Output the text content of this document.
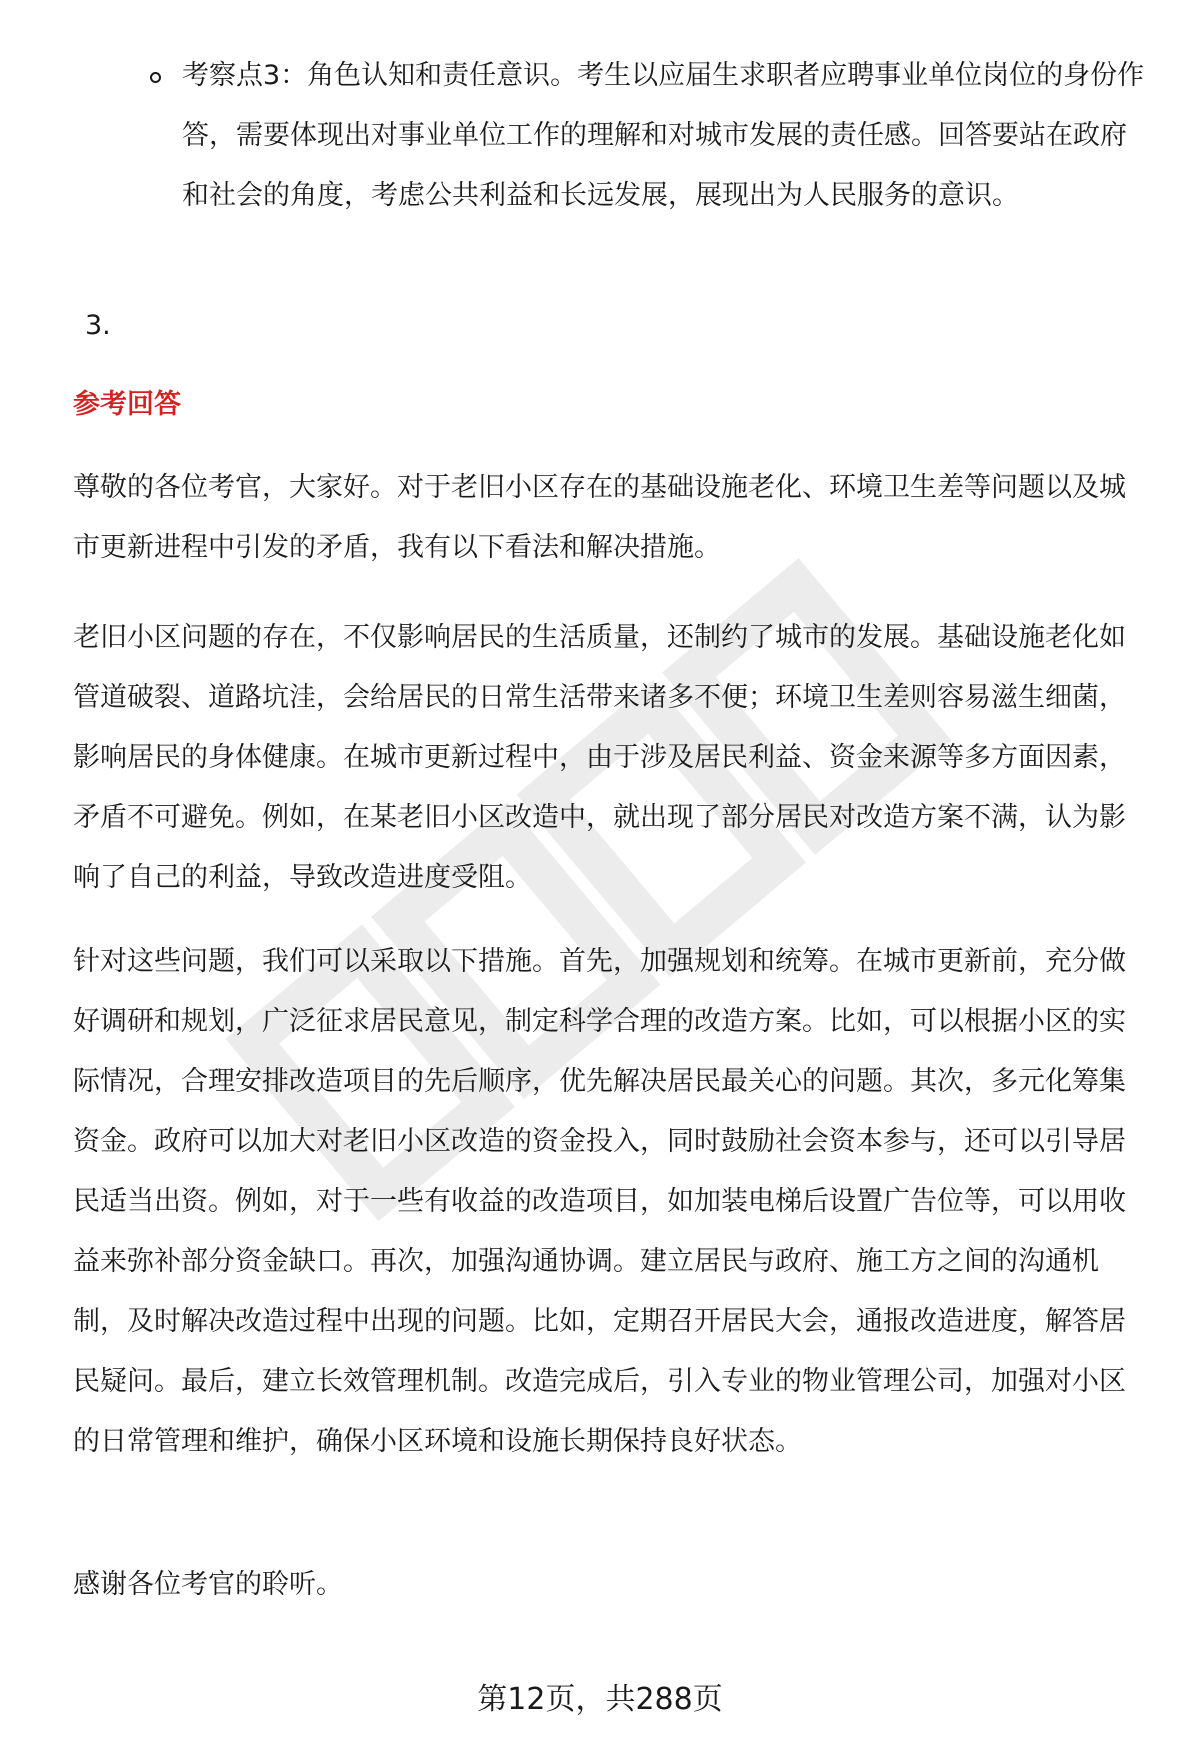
考察点3：角色认知和责任意识。考生以应届生求职者应聘事业单位岗位的身份作答，需要体现出对事业单位工作的理解和对城市发展的责任感。回答要站在政府和社会的角度，考虑公共利益和长远发展，展现出为人民服务的意识。
3.
参考回答

尊敬的各位考官，大家好。对于老旧小区存在的基础设施老化、环境卫生差等问题以及城市更新进程中引发的矛盾，我有以下看法和解决措施。

老旧小区问题的存在，不仅影响居民的生活质量，还制约了城市的发展。基础设施老化如管道破裂、道路坑洼，会给居民的日常生活带来诸多不便；环境卫生差则容易滋生细菌，影响居民的身体健康。在城市更新过程中，由于涉及居民利益、资金来源等多方面因素，矛盾不可避免。例如，在某老旧小区改造中，就出现了部分居民对改造方案不满，认为影响了自己的利益，导致改造进度受阻。

针对这些问题，我们可以采取以下措施。首先，加强规划和统筹。在城市更新前，充分做好调研和规划，广泛征求居民意见，制定科学合理的改造方案。比如，可以根据小区的实际情况，合理安排改造项目的先后顺序，优先解决居民最关心的问题。其次，多元化筹集资金。政府可以加大对老旧小区改造的资金投入，同时鼓励社会资本参与，还可以引导居民适当出资。例如，对于一些有收益的改造项目，如加装电梯后设置广告位等，可以用收益来弥补部分资金缺口。再次，加强沟通协调。建立居民与政府、施工方之间的沟通机制，及时解决改造过程中出现的问题。比如，定期召开居民大会，通报改造进度，解答居民疑问。最后，建立长效管理机制。改造完成后，引入专业的物业管理公司，加强对小区的日常管理和维护，确保小区环境和设施长期保持良好状态。

感谢各位考官的聆听。

第12页，共288页
